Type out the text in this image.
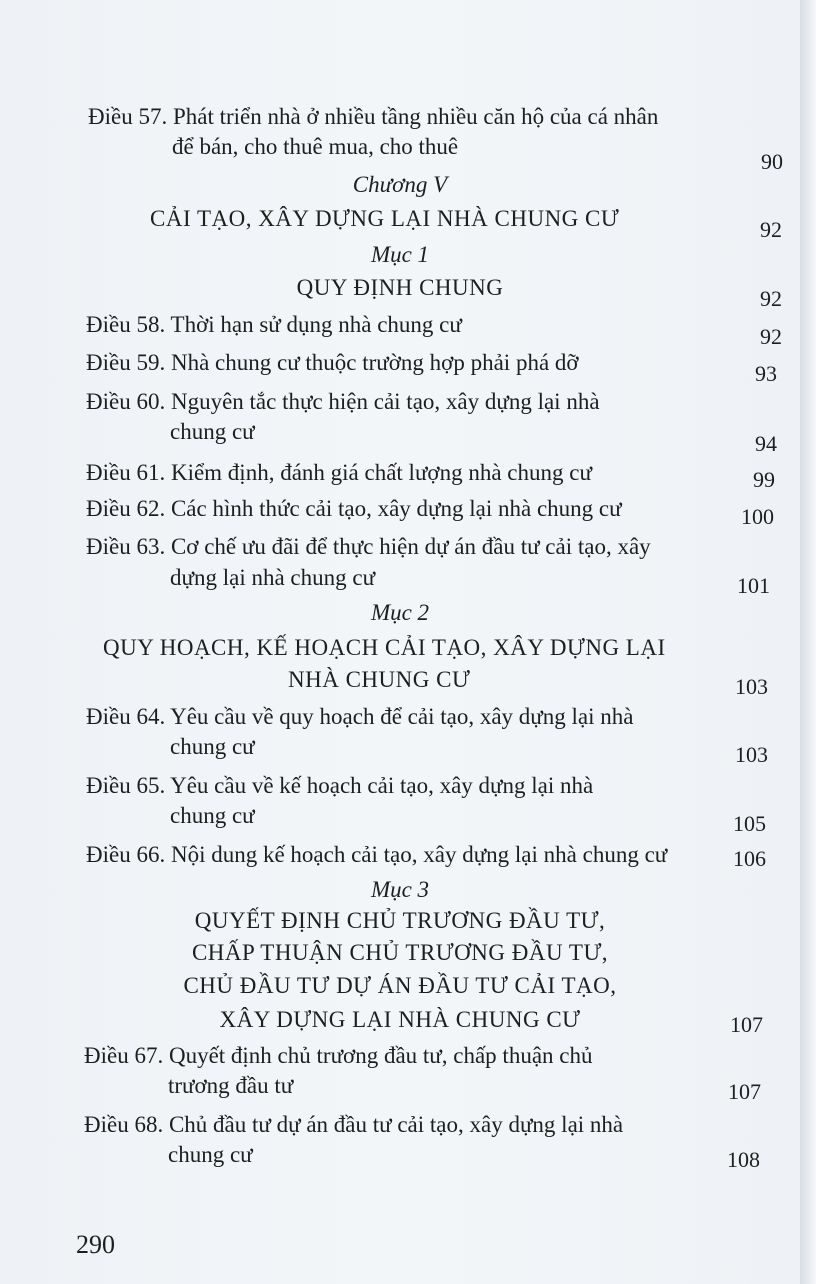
Điều 57. Phát triển nhà ở nhiều tầng nhiều căn hộ của cá nhân
để bán, cho thuê mua, cho thuê
90
Chương V
CẢI TẠO, XÂY DỰNG LẠI NHÀ CHUNG CƯ	92
Mục 1
QUY ĐỊNH CHUNG	92
Điều 58. Thời hạn sử dụng nhà chung cư	92
Điều 59. Nhà chung cư thuộc trường hợp phải phá dỡ	93
Điều 60. Nguyên tắc thực hiện cải tạo, xây dựng lại nhà
chung cư	94
Điều 61. Kiểm định, đánh giá chất lượng nhà chung cư	99
Điều 62. Các hình thức cải tạo, xây dựng lại nhà chung cư	100
Điều 63. Cơ chế ưu đãi để thực hiện dự án đầu tư cải tạo, xây
dựng lại nhà chung cư	101
Mục 2
QUY HOẠCH, KẾ HOẠCH CẢI TẠO, XÂY DỰNG LẠI
NHÀ CHUNG CƯ	103
Điều 64. Yêu cầu về quy hoạch để cải tạo, xây dựng lại nhà
chung cư	103
Điều 65. Yêu cầu về kế hoạch cải tạo, xây dựng lại nhà
chung cư	105
Điều 66. Nội dung kế hoạch cải tạo, xây dựng lại nhà chung cư	106
Mục 3
QUYẾT ĐỊNH CHỦ TRƯƠNG ĐẦU TƯ,
CHẤP THUẬN CHỦ TRƯƠNG ĐẦU TƯ,
CHỦ ĐẦU TƯ DỰ ÁN ĐẦU TƯ CẢI TẠO,
XÂY DỰNG LẠI NHÀ CHUNG CƯ	107
Điều 67. Quyết định chủ trương đầu tư, chấp thuận chủ
trương đầu tư	107
Điều 68. Chủ đầu tư dự án đầu tư cải tạo, xây dựng lại nhà
chung cư	108
290
